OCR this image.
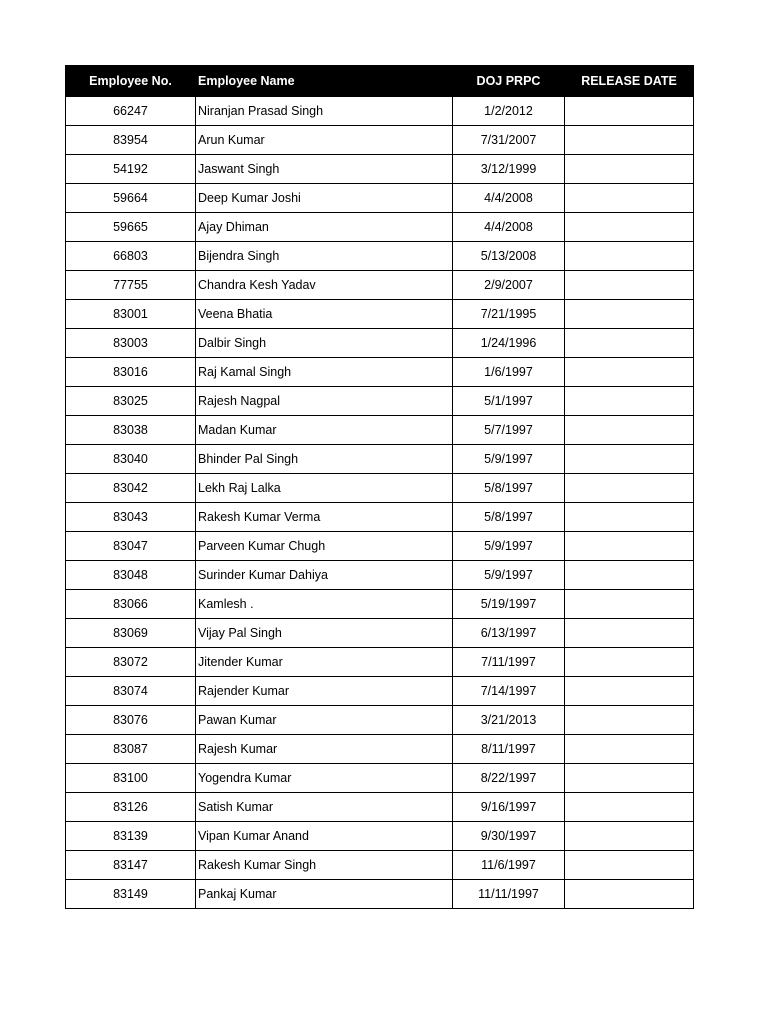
Employee No.	Employee Name	DOJ PRPC	RELEASE DATE
66247	Niranjan Prasad Singh	1/2/2012	
83954	Arun Kumar	7/31/2007	
54192	Jaswant Singh	3/12/1999	
59664	Deep Kumar Joshi	4/4/2008	
59665	Ajay Dhiman	4/4/2008	
66803	Bijendra Singh	5/13/2008	
77755	Chandra Kesh Yadav	2/9/2007	
83001	Veena Bhatia	7/21/1995	
83003	Dalbir Singh	1/24/1996	
83016	Raj Kamal Singh	1/6/1997	
83025	Rajesh Nagpal	5/1/1997	
83038	Madan Kumar	5/7/1997	
83040	Bhinder Pal Singh	5/9/1997	
83042	Lekh Raj Lalka	5/8/1997	
83043	Rakesh Kumar Verma	5/8/1997	
83047	Parveen Kumar Chugh	5/9/1997	
83048	Surinder Kumar Dahiya	5/9/1997	
83066	Kamlesh .	5/19/1997	
83069	Vijay Pal Singh	6/13/1997	
83072	Jitender Kumar	7/11/1997	
83074	Rajender Kumar	7/14/1997	
83076	Pawan Kumar	3/21/2013	
83087	Rajesh Kumar	8/11/1997	
83100	Yogendra Kumar	8/22/1997	
83126	Satish Kumar	9/16/1997	
83139	Vipan Kumar Anand	9/30/1997	
83147	Rakesh Kumar Singh	11/6/1997	
83149	Pankaj Kumar	11/11/1997	
